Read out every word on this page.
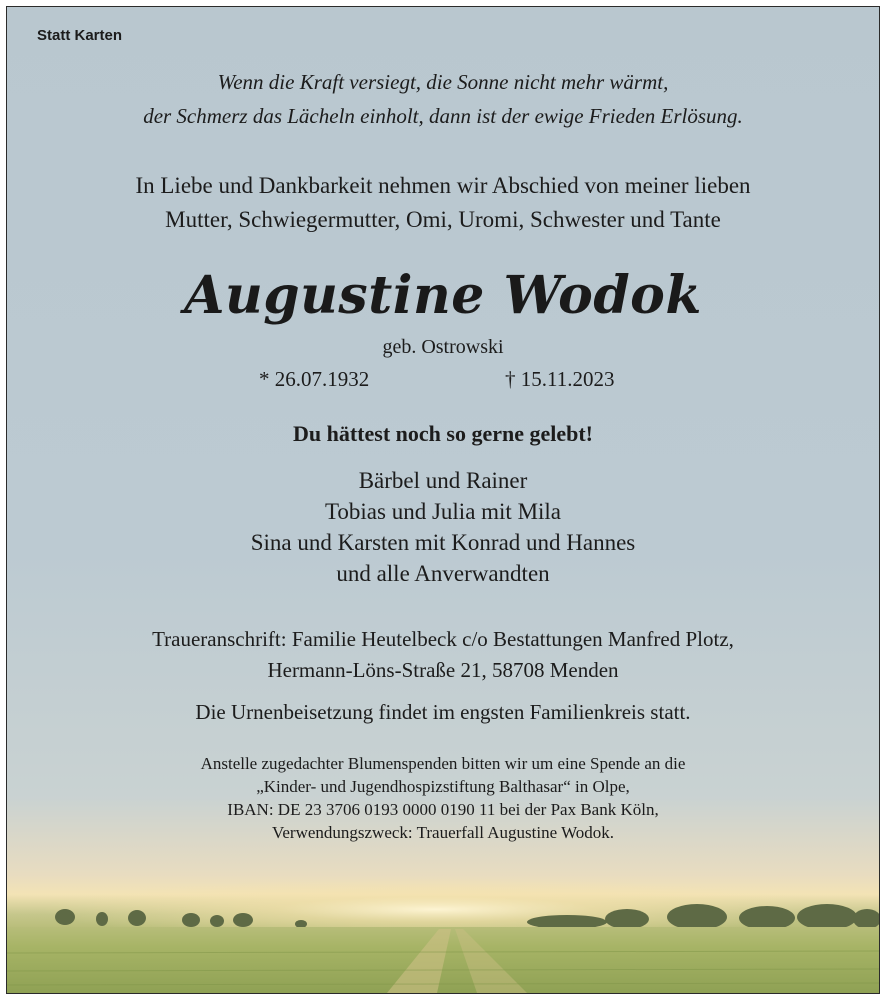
Statt Karten

Wenn die Kraft versiegt, die Sonne nicht mehr wärmt,
der Schmerz das Lächeln einholt, dann ist der ewige Frieden Erlösung.

In Liebe und Dankbarkeit nehmen wir Abschied von meiner lieben
Mutter, Schwiegermutter, Omi, Uromi, Schwester und Tante

Augustine Wodok
geb. Ostrowski
* 26.07.1932	† 15.11.2023
Du hättest noch so gerne gelebt!

Bärbel und Rainer
Tobias und Julia mit Mila
Sina und Karsten mit Konrad und Hannes
und alle Anverwandten

Traueranschrift: Familie Heutelbeck c/o Bestattungen Manfred Plotz,
Hermann-Löns-Straße 21, 58708 Menden

Die Urnenbeisetzung findet im engsten Familienkreis statt.

Anstelle zugedachter Blumenspenden bitten wir um eine Spende an die
„Kinder- und Jugendhospizstiftung Balthasar“ in Olpe,
IBAN: DE 23 3706 0193 0000 0190 11 bei der Pax Bank Köln,
Verwendungszweck: Trauerfall Augustine Wodok.
